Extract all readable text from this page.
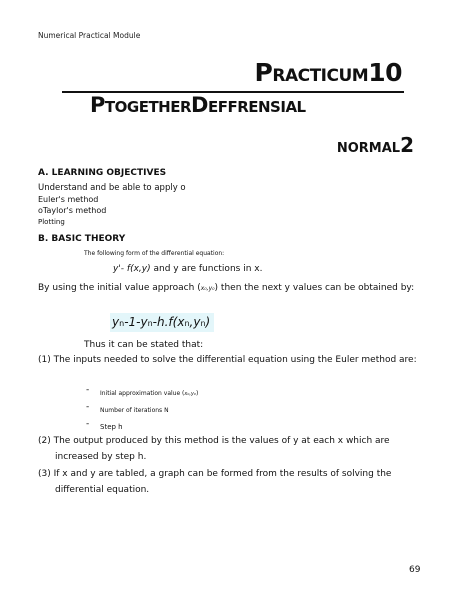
Numerical Practical Module
PRACTICUM10
PTOGETHERDEFFRENSIAL
NORMAL2
A. LEARNING OBJECTIVES
Understand and be able to apply o
Euler's method
oTaylor's method
Plotting
B. BASIC THEORY
The following form of the differential equation:
y'- f(x,y) and y are functions in x.
By using the initial value approach (x₀,y₀) then the next y values can be obtained by:
yn-1-yn-h.f(xn,yn)
Thus it can be stated that:
(1) The inputs needed to solve the differential equation using the Euler method are:
- Initial approximation value (x₀,y₀)
- Number of iterations N
- Step h
(2) The output produced by this method is the values of y at each x which are
increased by step h.
(3) If x and y are tabled, a graph can be formed from the results of solving the
differential equation.
69
